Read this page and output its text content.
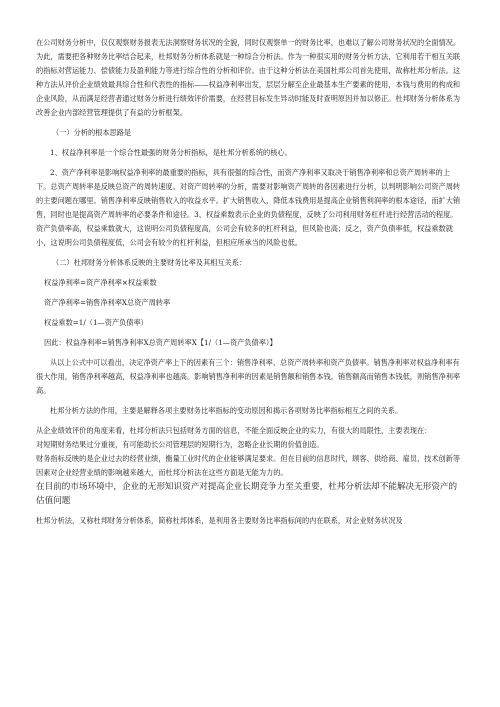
在公司财务分析中，仅仅观察财务报表无法洞察财务状况的全貌，同时仅观察单一的财务比率，也难以了解公司财务状况的全面情况。为此，需要把各种财务比率结合起来，杜邦财务分析体系就是一种综合分析法。作为一种很实用的财务分析方法，它利用若干相互关联的指标对营运能力、偿债能力及盈利能力等进行综合性的分析和评价。由于这种分析法在美国杜邦公司首先使用，故称杜邦分析法。这种方法从评价企业绩效最具综合性和代表性的指标——权益净利率出发，层层分解至企业最基本生产要素的使用，本钱与费用的构成和企业风险，从而满足经营者通过财务分析进行绩效评价需要，在经营目标发生异动时能及时查明原因并加以修正。杜邦财务分析体系为改善企业内部经营管理提供了有益的分析框架。

（一）分析的根本思路是

1、权益净利率是一个综合性最强的财务分析指标，是杜邦分析系统的核心。

2、资产净利率是影响权益净利率的最重要的指标，具有很强的综合性，而资产净利率又取决于销售净利率和总资产周转率的上下。总资产周转率是反映总资产的周转速度。对资产周转率的分析，需要对影响资产周转的各因素进行分析，以判明影响公司资产周转的主要问题在哪里。销售净利率反映销售收入的收益水平。扩大销售收入，降低本钱费用是提高企业销售利润率的根本途径，而扩大销售，同时也是提高资产周转率的必要条件和途径。3、权益乘数表示企业的负债程度，反映了公司利用财务杠杆进行经营活动的程度。资产负债率高，权益乘数就大，这说明公司负债程度高，公司会有较多的杠杆利益，但风险也高；反之，资产负债率低，权益乘数就小，这说明公司负债程度低，公司会有较少的杠杆利益，但相应所承当的风险也低。

（二）杜邦财务分析体系反映的主要财务比率及其相互关系：

权益净利率=资产净利率×权益乘数

资产净利率=销售净利率X总资产周转率

权益乘数=1/（1—资产负债率）

因此：权益净利率=销售净利率X总资产周转率X【1/（1—资产负债率）】

从以上公式中可以看出，决定净资产率上下的因素有三个：销售净利率、总资产周转率和资产负债率。销售净利率对权益净利率有很大作用，销售净利率越高，权益净利率也越高。影响销售净利率的因素是销售额和销售本钱。销售额高而销售本钱低，则销售净利率高。

杜邦分析方法的作用，主要是解释各项主要财务比率指标的变动原因和揭示各项财务比率指标相互之间的关系。

从企业绩效评价的角度来看，杜邦分析法只包括财务方面的信息，不能全面反映企业的实力，有很大的局限性，主要表现在：

对短期财务结果过分重视，有可能助长公司管理层的短期行为，忽略企业长期的价值创造。

财务指标反映的是企业过去的经营业绩，衡量工业时代的企业能够满足要求。但在目前的信息时代，顾客、供给商、雇员、技术创新等因素对企业经营业绩的影响越来越大，而杜邦分析法在这些方面是无能为力的。

在目前的市场环境中，企业的无形知识资产对提高企业长期竞争力至关重要，杜邦分析法却不能解决无形资产的估值问题

杜邦分析法，又称杜邦财务分析体系，简称杜邦体系，是利用各主要财务比率指标间的内在联系，对企业财务状况及
